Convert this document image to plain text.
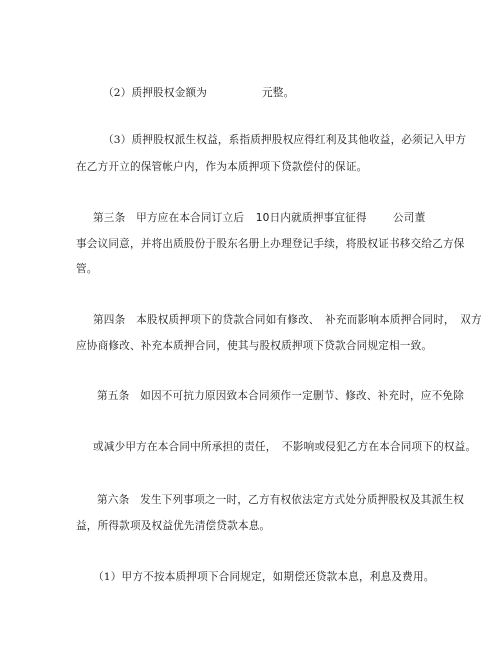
（2）质押股权金额为	元整。
（3）质押股权派生权益，系指质押股权应得红利及其他收益，必须记入甲方
在乙方开立的保管帐户内，作为本质押项下贷款偿付的保证。
第三条　甲方应在本合同订立后 10日内就质押事宜征得 公司董
事会议同意，并将出质股份于股东名册上办理登记手续，将股权证书移交给乙方保
管。
第四条　本股权质押项下的贷款合同如有修改、　补充而影响本质押合同时，　双方
应协商修改、补充本质押合同，使其与股权质押项下贷款合同规定相一致。
第五条　如因不可抗力原因致本合同须作一定删节、修改、补充时，应不免除
或减少甲方在本合同中所承担的责任，　不影响或侵犯乙方在本合同项下的权益。
第六条　发生下列事项之一时，乙方有权依法定方式处分质押股权及其派生权
益，所得款项及权益优先清偿贷款本息。
（1）甲方不按本质押项下合同规定，如期偿还贷款本息，利息及费用。
